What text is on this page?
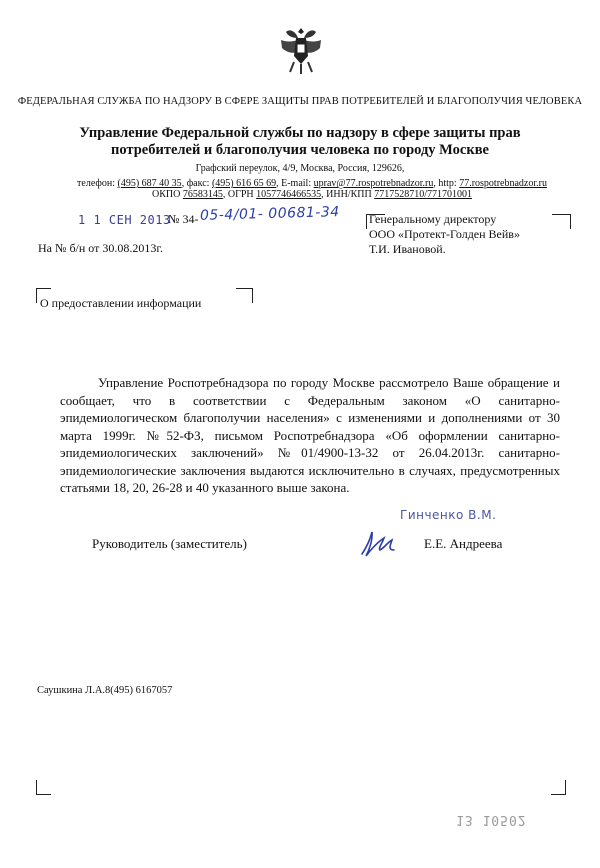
ФЕДЕРАЛЬНАЯ СЛУЖБА ПО НАДЗОРУ В СФЕРЕ ЗАЩИТЫ ПРАВ ПОТРЕБИТЕЛЕЙ И БЛАГОПОЛУЧИЯ ЧЕЛОВЕКА
Управление Федеральной службы по надзору в сфере защиты прав потребителей и благополучия человека по городу Москве
Графский переулок, 4/9, Москва, Россия, 129626,
телефон: (495) 687 40 35, факс: (495) 616 65 69, E-mail: uprav@77.rospotrebnadzor.ru, http: 77.rospotrebnadzor.ru
ОКПО 76583145, ОГРН 1057746466535, ИНН/КПП 7717528710/771701001
1 1 СЕН 2013
№ 34- 05-4/01- 00681-34
На № б/н от 30.08.2013г.
Генеральному директору
ООО «Протект-Голден Вейв»
Т.И. Ивановой.
О предоставлении информации
Управление Роспотребнадзора по городу Москве рассмотрело Ваше обращение и сообщает, что в соответствии с Федеральным законом «О санитарно-эпидемиологическом благополучии населения» с изменениями и дополнениями от 30 марта 1999г. №52-ФЗ, письмом Роспотребнадзора «Об оформлении санитарно-эпидемиологических заключений» №01/4900-13-32 от 26.04.2013г. санитарно-эпидемиологические заключения выдаются исключительно в случаях, предусмотренных статьями 18, 20, 26-28 и 40 указанного выше закона.
Гинченко В.М.
Руководитель (заместитель)	Е.Е. Андреева
Саушкина Л.А.8(495) 6167057
13 10502
